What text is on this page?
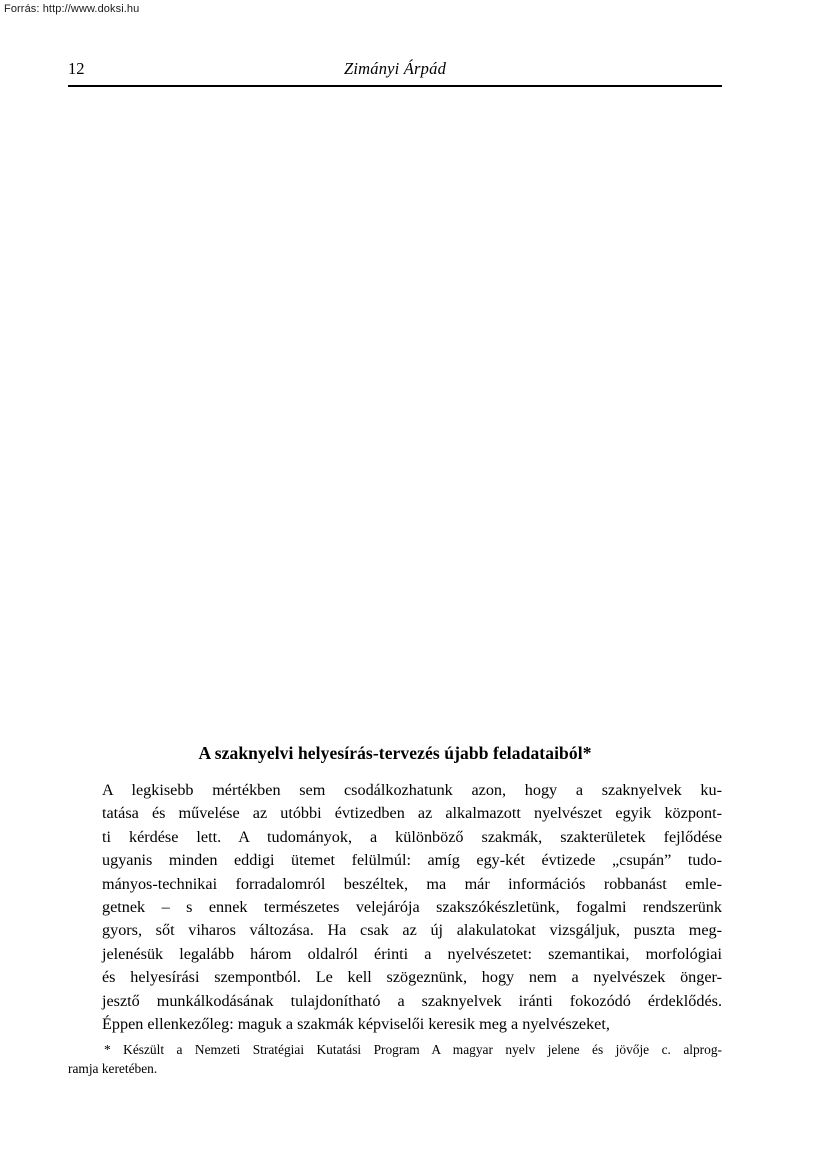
Forrás: http://www.doksi.hu
12	Zimányi Árpád
A szaknyelvi helyesírás-tervezés újabb feladataiból*

A legkisebb mértékben sem csodálkozhatunk azon, hogy a szaknyelvek ku-
tatása és művelése az utóbbi évtizedben az alkalmazott nyelvészet egyik központ-
ti kérdése lett. A tudományok, a különböző szakmák, szakterületek fejlődése
ugyanis minden eddigi ütemet felülmúl: amíg egy-két évtizede „csupán” tudo-
mányos-technikai forradalomról beszéltek, ma már információs robbanást emle-
getnek – s ennek természetes velejárója szakszókészletünk, fogalmi rendszerünk
gyors, sőt viharos változása. Ha csak az új alakulatokat vizsgáljuk, puszta meg-
jelenésük legalább három oldalról érinti a nyelvészetet: szemantikai, morfológiai
és helyesírási szempontból. Le kell szögeznünk, hogy nem a nyelvészek önger-
jesztő munkálkodásának tulajdonítható a szaknyelvek iránti fokozódó érdeklődés.
Éppen ellenkezőleg: maguk a szakmák képviselői keresik meg a nyelvészeket,

* Készült a Nemzeti Stratégiai Kutatási Program A magyar nyelv jelene és jövője c. alprog-
ramja keretében.
